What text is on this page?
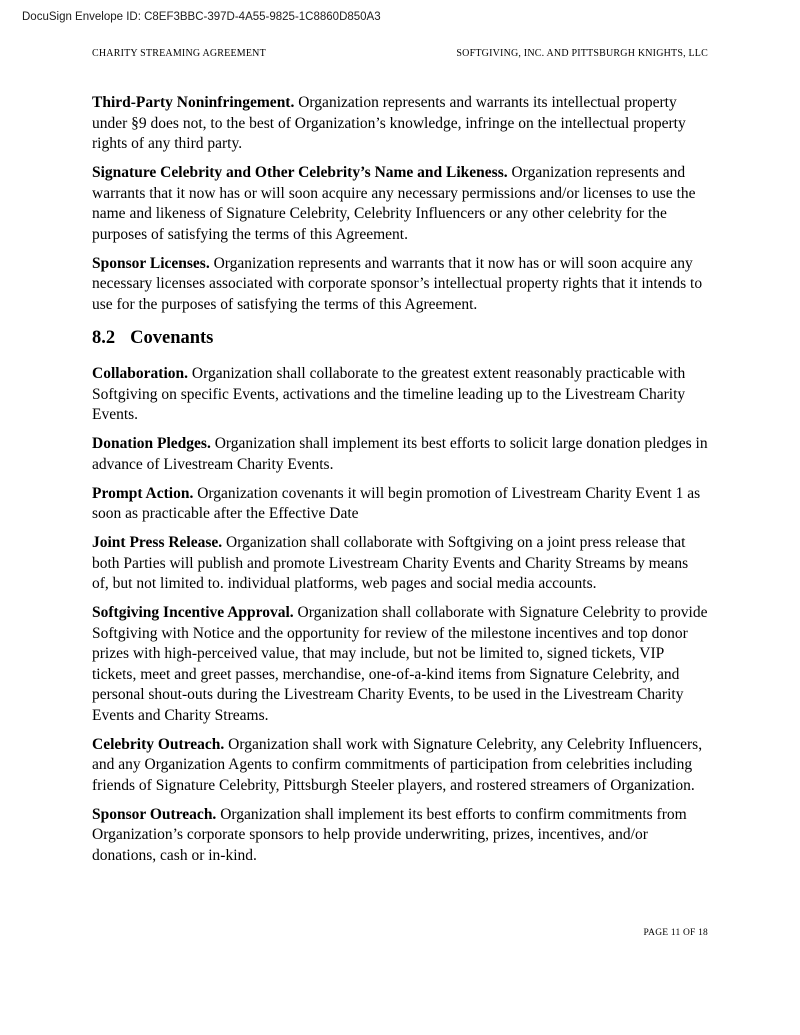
DocuSign Envelope ID: C8EF3BBC-397D-4A55-9825-1C8860D850A3
CHARITY STREAMING AGREEMENT	SOFTGIVING, INC. AND PITTSBURGH KNIGHTS, LLC

Third-Party Noninfringement. Organization represents and warrants its intellectual property under §9 does not, to the best of Organization’s knowledge, infringe on the intellectual property rights of any third party.

Signature Celebrity and Other Celebrity’s Name and Likeness. Organization represents and warrants that it now has or will soon acquire any necessary permissions and/or licenses to use the name and likeness of Signature Celebrity, Celebrity Influencers or any other celebrity for the purposes of satisfying the terms of this Agreement.

Sponsor Licenses. Organization represents and warrants that it now has or will soon acquire any necessary licenses associated with corporate sponsor’s intellectual property rights that it intends to use for the purposes of satisfying the terms of this Agreement.

8.2 Covenants

Collaboration. Organization shall collaborate to the greatest extent reasonably practicable with Softgiving on specific Events, activations and the timeline leading up to the Livestream Charity Events.

Donation Pledges. Organization shall implement its best efforts to solicit large donation pledges in advance of Livestream Charity Events.

Prompt Action. Organization covenants it will begin promotion of Livestream Charity Event 1 as soon as practicable after the Effective Date

Joint Press Release. Organization shall collaborate with Softgiving on a joint press release that both Parties will publish and promote Livestream Charity Events and Charity Streams by means of, but not limited to. individual platforms, web pages and social media accounts.

Softgiving Incentive Approval. Organization shall collaborate with Signature Celebrity to provide Softgiving with Notice and the opportunity for review of the milestone incentives and top donor prizes with high-perceived value, that may include, but not be limited to, signed tickets, VIP tickets, meet and greet passes, merchandise, one-of-a-kind items from Signature Celebrity, and personal shout-outs during the Livestream Charity Events, to be used in the Livestream Charity Events and Charity Streams.

Celebrity Outreach. Organization shall work with Signature Celebrity, any Celebrity Influencers, and any Organization Agents to confirm commitments of participation from celebrities including friends of Signature Celebrity, Pittsburgh Steeler players, and rostered streamers of Organization.

Sponsor Outreach. Organization shall implement its best efforts to confirm commitments from Organization’s corporate sponsors to help provide underwriting, prizes, incentives, and/or donations, cash or in-kind.

PAGE 11 OF 18
